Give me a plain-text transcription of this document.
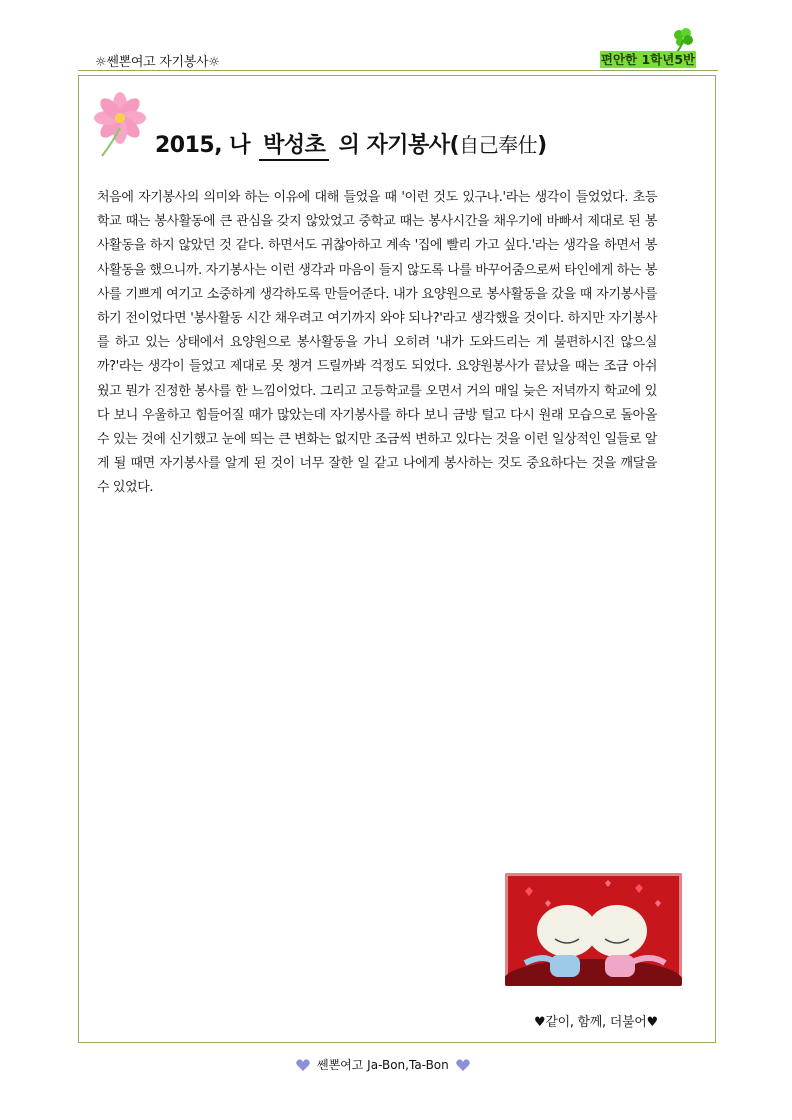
☼쎈뽄여고 자기봉사☼	편안한 1학년5반
2015, 나 박성초 의 자기봉사(自己奉仕)

처음에 자기봉사의 의미와 하는 이유에 대해 들었을 때 '이런 것도 있구나.'라는 생각이 들었었다. 초등학교 때는 봉사활동에 큰 관심을 갖지 않았었고 중학교 때는 봉사시간을 채우기에 바빠서 제대로 된 봉사활동을 하지 않았던 것 같다. 하면서도 귀찮아하고 계속 '집에 빨리 가고 싶다.'라는 생각을 하면서 봉사활동을 했으니까. 자기봉사는 이런 생각과 마음이 들지 않도록 나를 바꾸어줌으로써 타인에게 하는 봉사를 기쁘게 여기고 소중하게 생각하도록 만들어준다. 내가 요양원으로 봉사활동을 갔을 때 자기봉사를 하기 전이었다면 '봉사활동 시간 채우려고 여기까지 와야 되나?'라고 생각했을 것이다. 하지만 자기봉사를 하고 있는 상태에서 요양원으로 봉사활동을 가니 오히려 '내가 도와드리는 게 불편하시진 않으실까?'라는 생각이 들었고 제대로 못 챙겨 드릴까봐 걱정도 되었다. 요양원봉사가 끝났을 때는 조금 아쉬웠고 뭔가 진정한 봉사를 한 느낌이었다. 그리고 고등학교를 오면서 거의 매일 늦은 저녁까지 학교에 있다 보니 우울하고 힘들어질 때가 많았는데 자기봉사를 하다 보니 금방 털고 다시 원래 모습으로 돌아올 수 있는 것에 신기했고 눈에 띄는 큰 변화는 없지만 조금씩 변하고 있다는 것을 이런 일상적인 일들로 알게 될 때면 자기봉사를 알게 된 것이 너무 잘한 일 같고 나에게 봉사하는 것도 중요하다는 것을 깨달을 수 있었다.

♥같이, 함께, 더불어♥
쎈뽄여고 Ja-Bon,Ta-Bon
